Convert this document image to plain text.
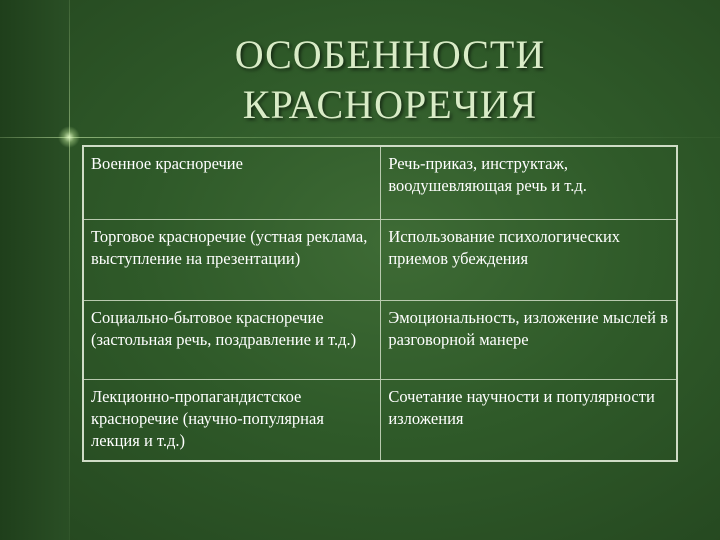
ОСОБЕННОСТИ
КРАСНОРЕЧИЯ
Военное красноречие	Речь-приказ, инструктаж, воодушевляющая речь и т.д.
Торговое красноречие (устная реклама, выступление на презентации)	Использование психологических приемов убеждения
Социально-бытовое красноречие (застольная речь, поздравление и т.д.)	Эмоциональность, изложение мыслей в разговорной манере
Лекционно-пропагандистское красноречие (научно-популярная лекция и т.д.)	Сочетание научности и популярности изложения
